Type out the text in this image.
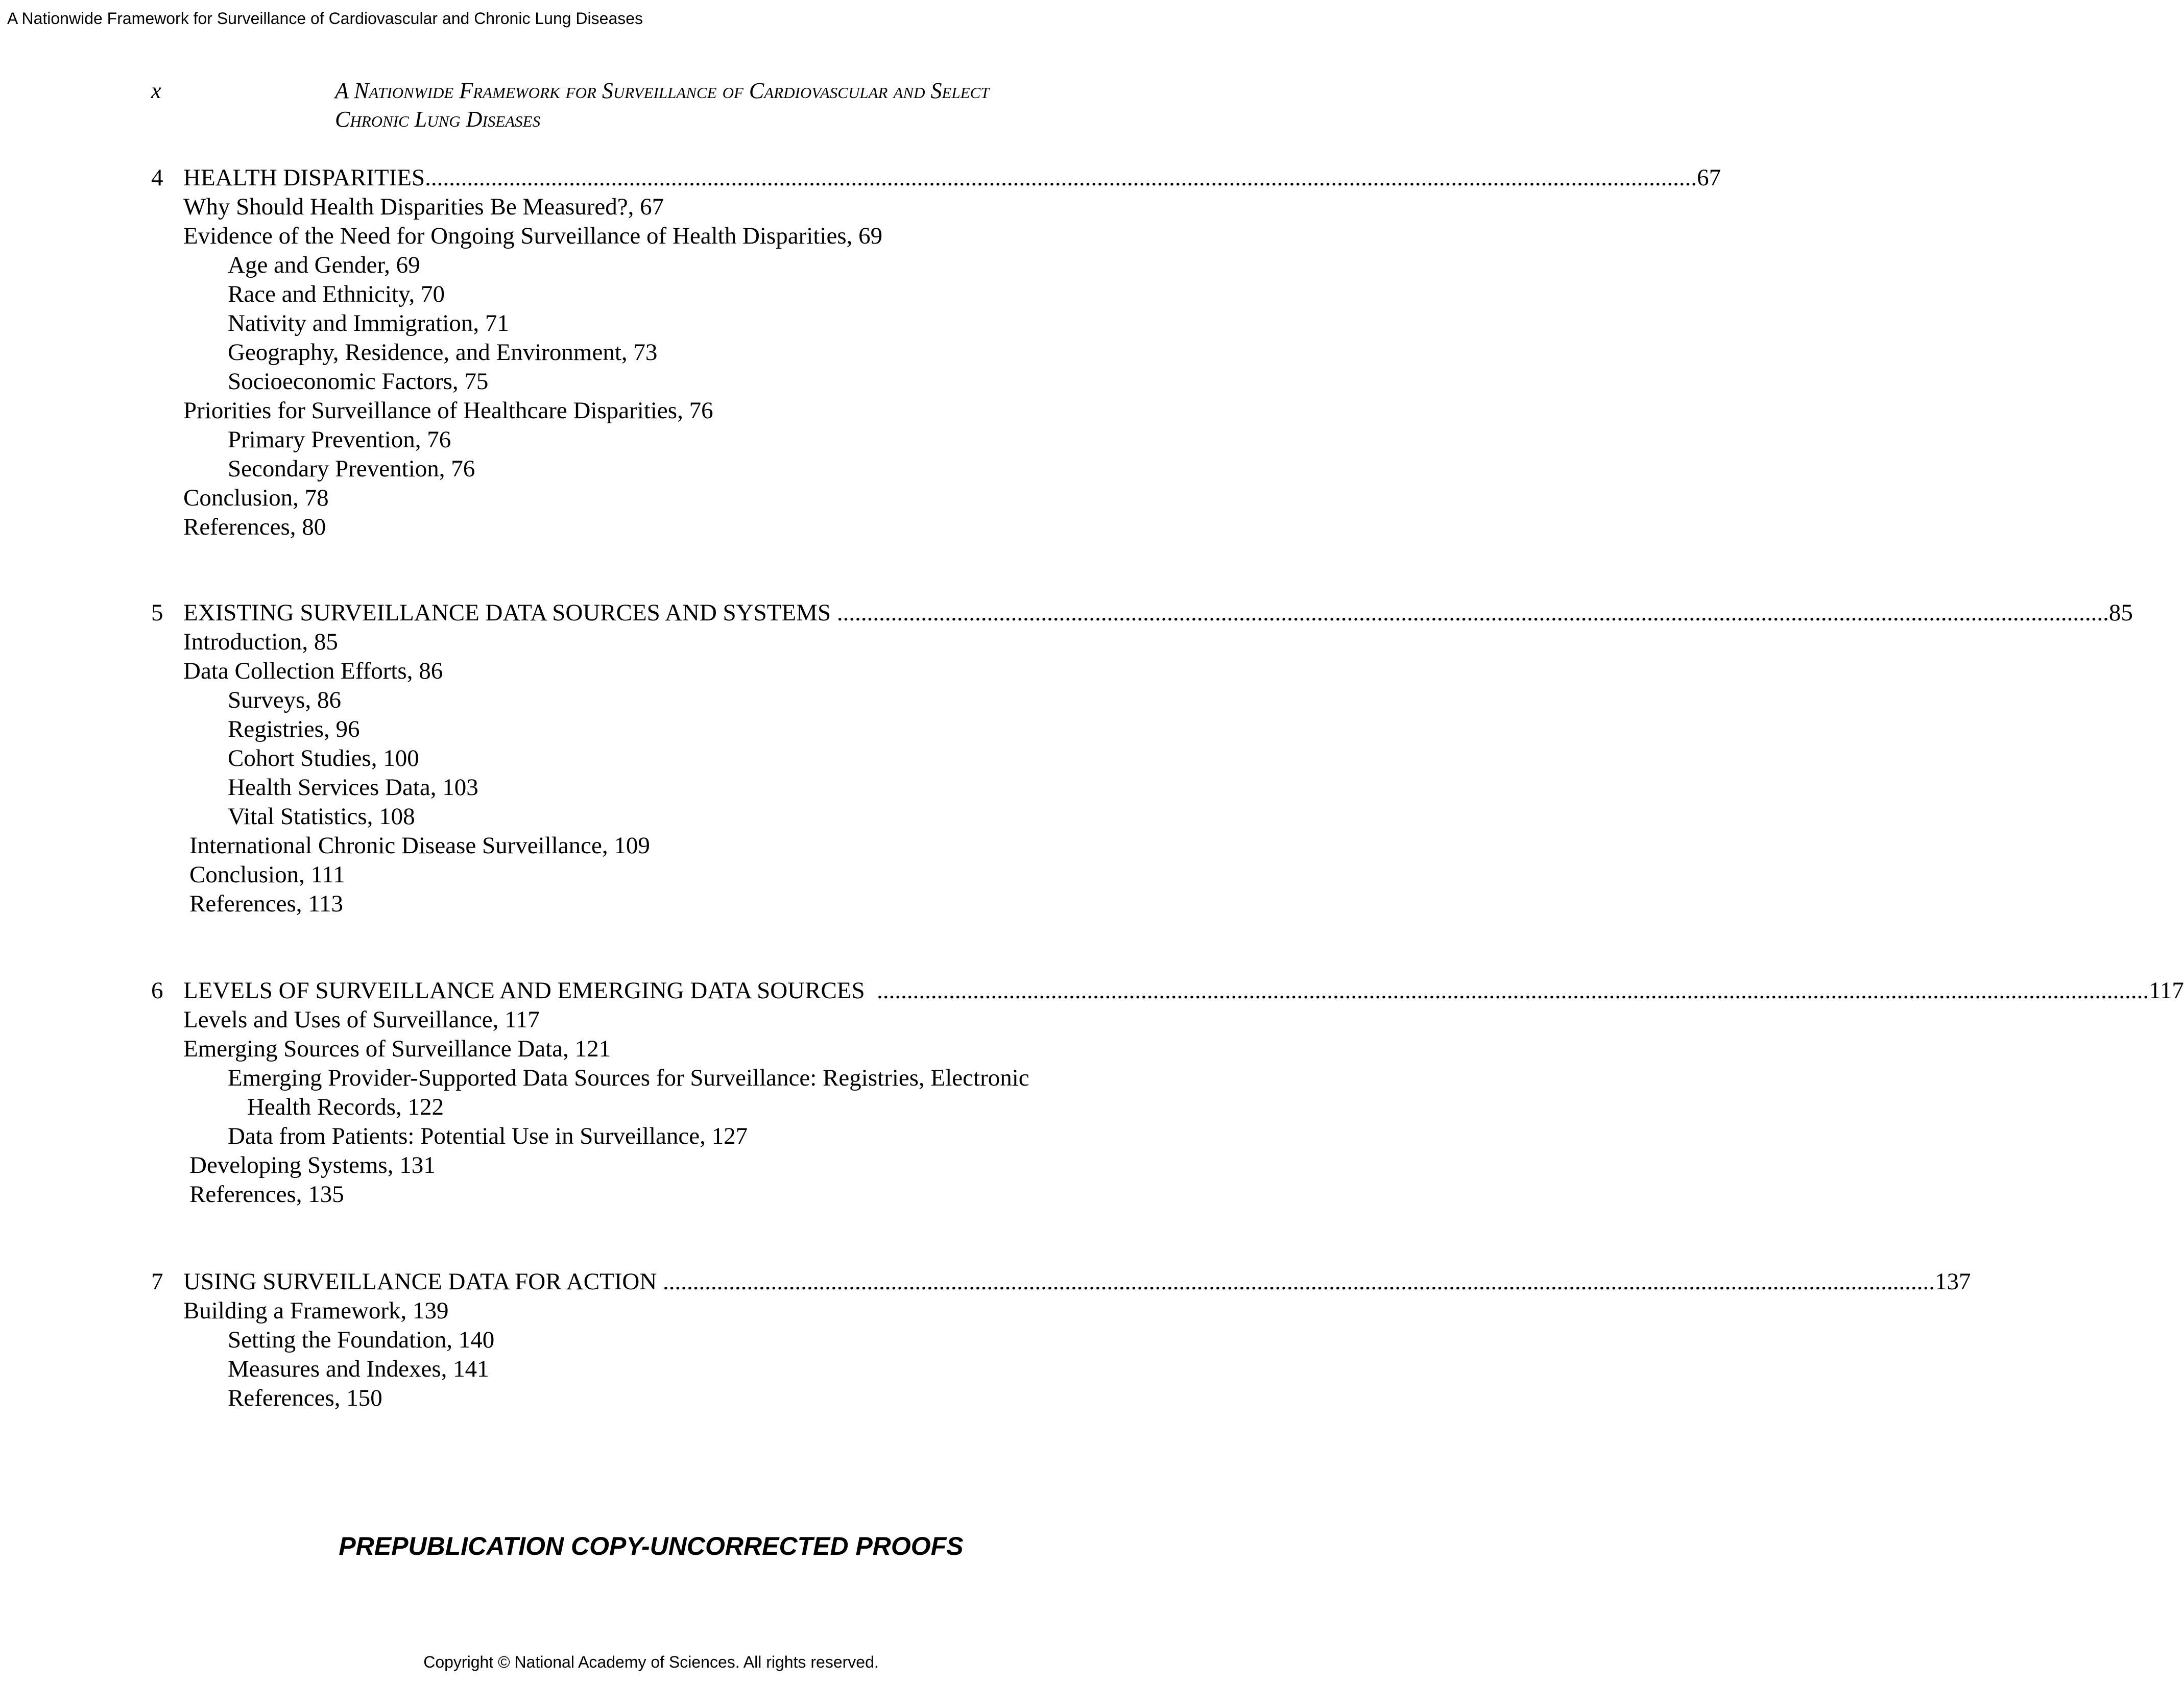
A Nationwide Framework for Surveillance of Cardiovascular and Chronic Lung Diseases
x	A Nationwide Framework for Surveillance of Cardiovascular and Select
Chronic Lung Diseases
4 HEALTH DISPARITIES .................................................................................................................................................................................................................... 67
Why Should Health Disparities Be Measured?, 67
Evidence of the Need for Ongoing Surveillance of Health Disparities, 69
Age and Gender, 69
Race and Ethnicity, 70
Nativity and Immigration, 71
Geography, Residence, and Environment, 73
Socioeconomic Factors, 75
Priorities for Surveillance of Healthcare Disparities, 76
Primary Prevention, 76
Secondary Prevention, 76
Conclusion, 78
References, 80
5 EXISTING SURVEILLANCE DATA SOURCES AND SYSTEMS .................................................................................................................................................................................................................... 85
Introduction, 85
Data Collection Efforts, 86
Surveys, 86
Registries, 96
Cohort Studies, 100
Health Services Data, 103
Vital Statistics, 108
International Chronic Disease Surveillance, 109
Conclusion, 111
References, 113
6 LEVELS OF SURVEILLANCE AND EMERGING DATA SOURCES .................................................................................................................................................................................................................... 117
Levels and Uses of Surveillance, 117
Emerging Sources of Surveillance Data, 121
Emerging Provider-Supported Data Sources for Surveillance: Registries, Electronic
Health Records, 122
Data from Patients: Potential Use in Surveillance, 127
Developing Systems, 131
References, 135
7 USING SURVEILLANCE DATA FOR ACTION .................................................................................................................................................................................................................... 137
Building a Framework, 139
Setting the Foundation, 140
Measures and Indexes, 141
References, 150
PREPUBLICATION COPY-UNCORRECTED PROOFS
Copyright © National Academy of Sciences. All rights reserved.
